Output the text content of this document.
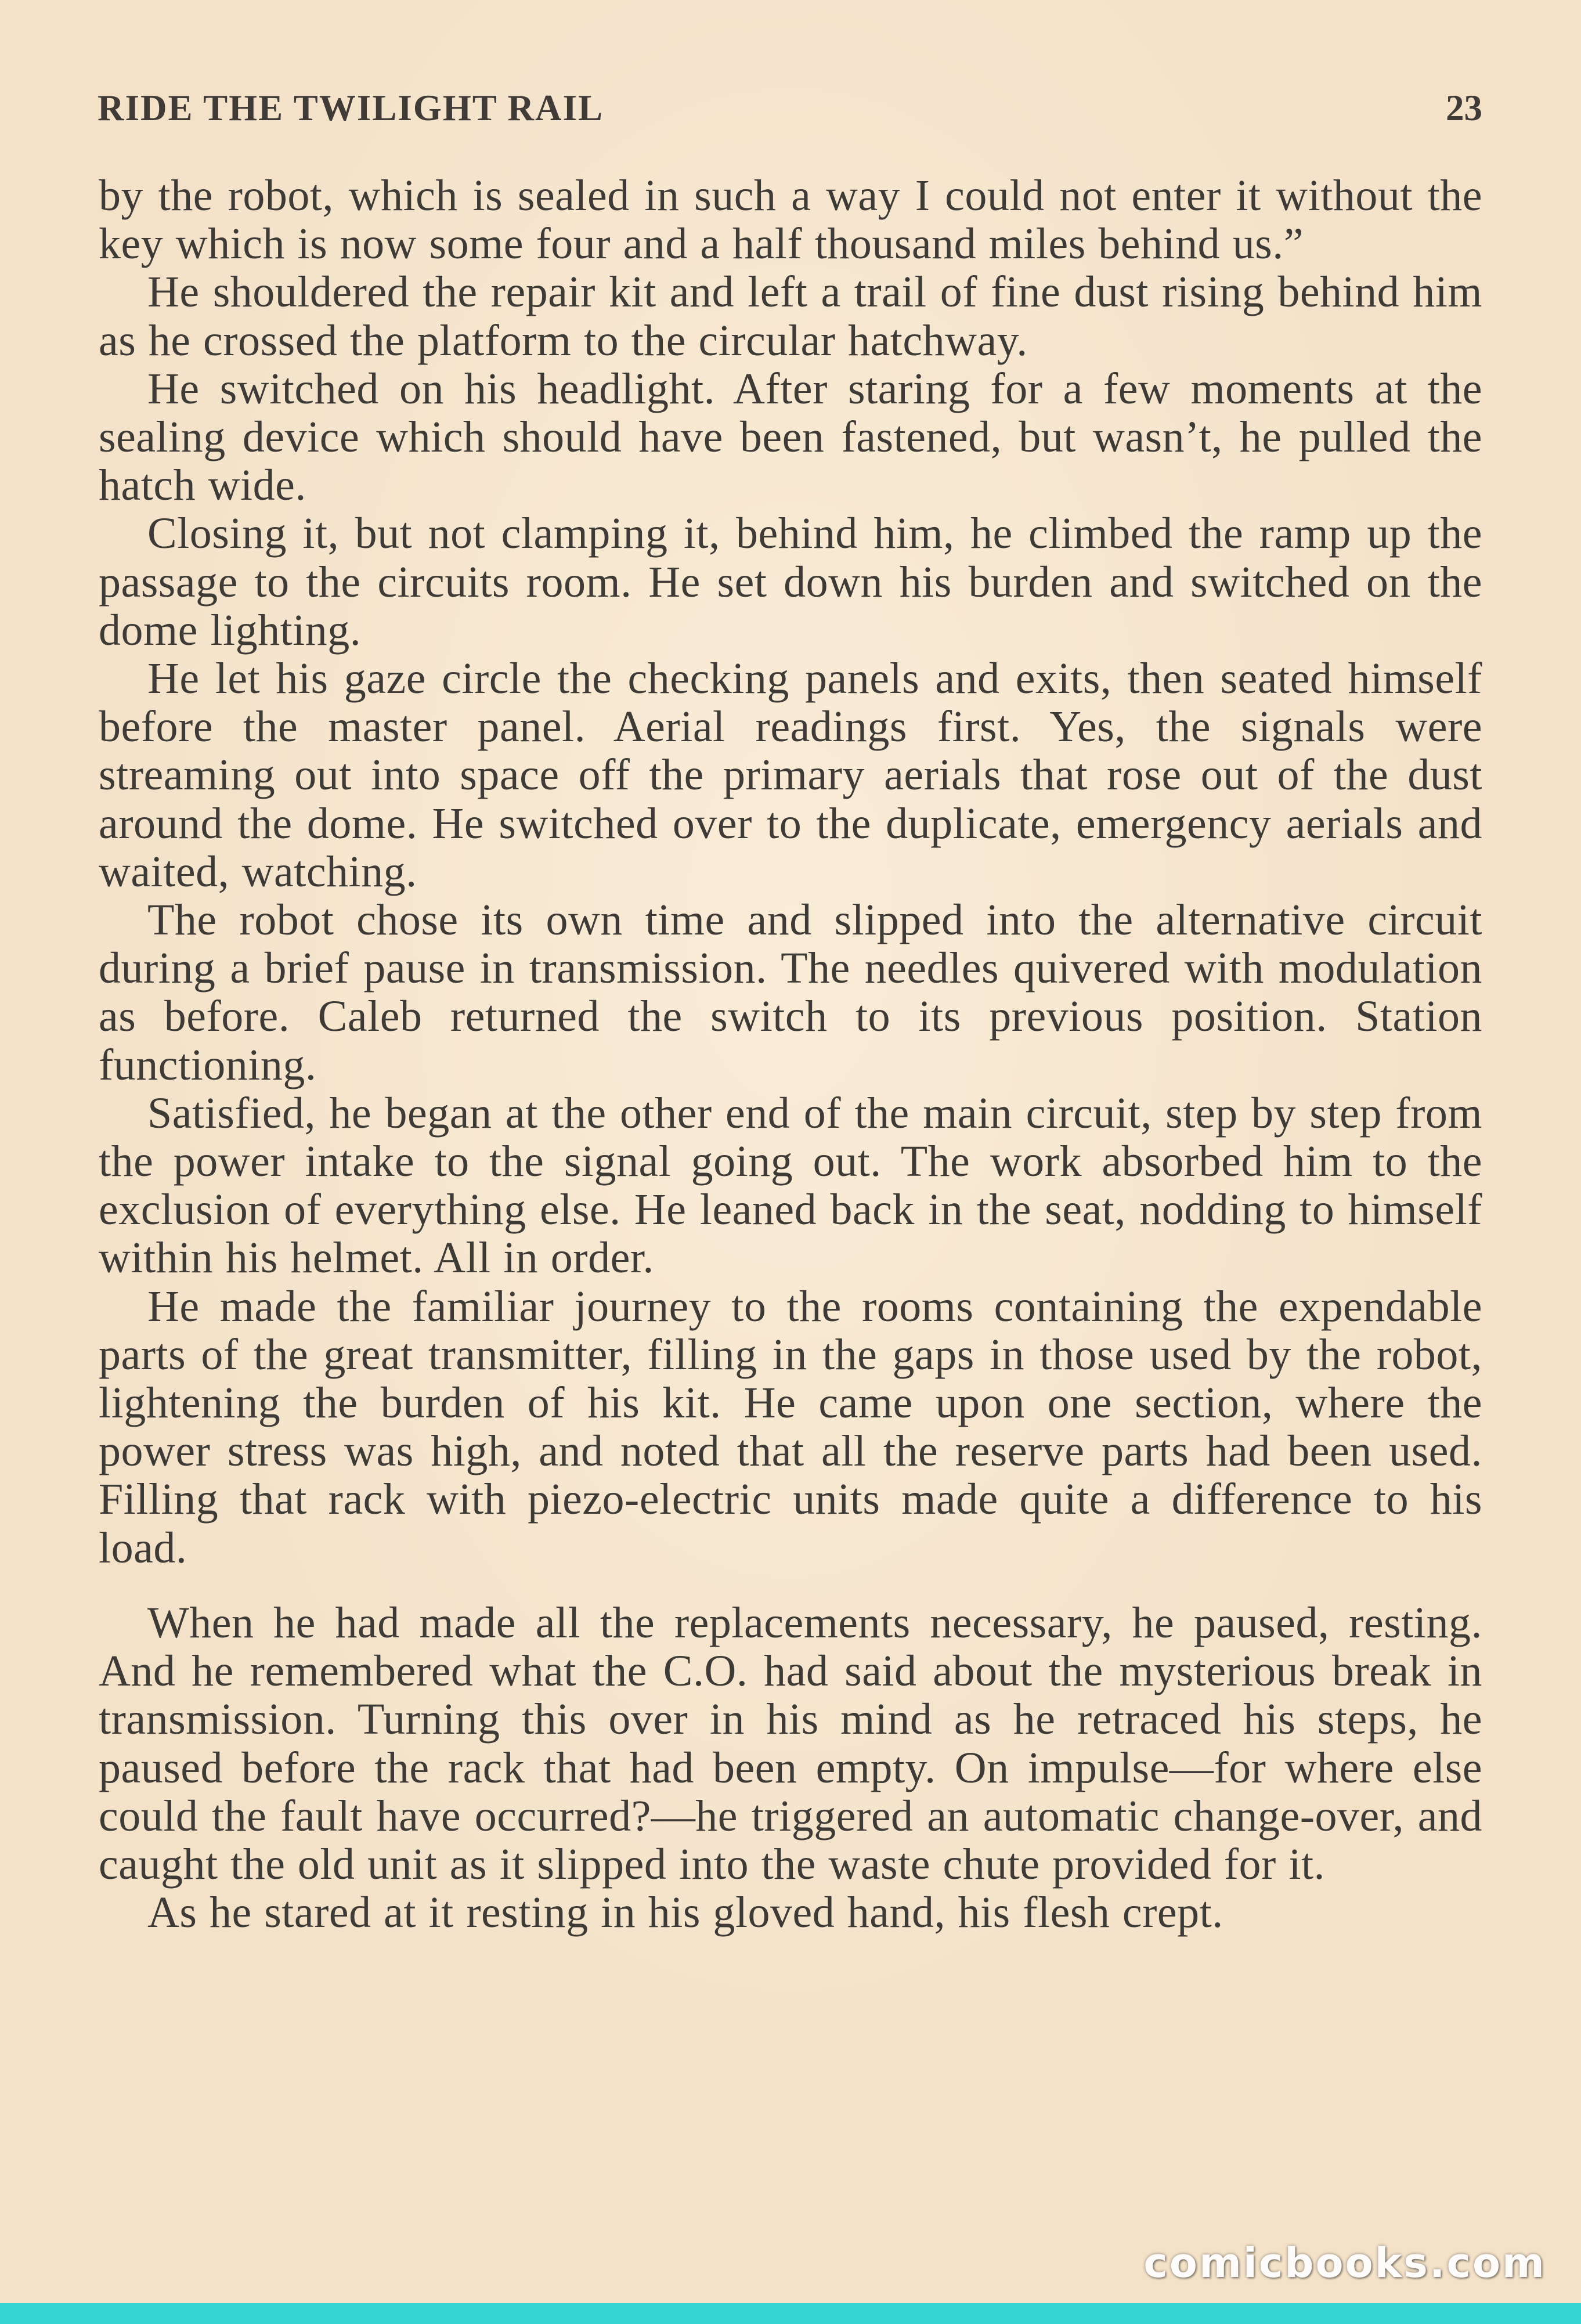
RIDE THE TWILIGHT RAIL	23

by the robot, which is sealed in such a way I could not enter it without the key which is now some four and a half thousand miles behind us.”

He shouldered the repair kit and left a trail of fine dust rising behind him as he crossed the platform to the circular hatchway.

He switched on his headlight. After staring for a few moments at the sealing device which should have been fastened, but wasn’t, he pulled the hatch wide.

Closing it, but not clamping it, behind him, he climbed the ramp up the passage to the circuits room. He set down his burden and switched on the dome lighting.

He let his gaze circle the checking panels and exits, then seated himself before the master panel. Aerial readings first. Yes, the signals were streaming out into space off the primary aerials that rose out of the dust around the dome. He switched over to the duplicate, emergency aerials and waited, watching.

The robot chose its own time and slipped into the alternative circuit during a brief pause in transmission. The needles quivered with modulation as before. Caleb returned the switch to its previous position. Station functioning.

Satisfied, he began at the other end of the main circuit, step by step from the power intake to the signal going out. The work absorbed him to the exclusion of everything else. He leaned back in the seat, nodding to himself within his helmet. All in order.

He made the familiar journey to the rooms containing the expendable parts of the great transmitter, filling in the gaps in those used by the robot, lightening the burden of his kit. He came upon one section, where the power stress was high, and noted that all the reserve parts had been used. Filling that rack with piezo-electric units made quite a difference to his load.

When he had made all the replacements necessary, he paused, resting. And he remembered what the C.O. had said about the mysterious break in transmission. Turning this over in his mind as he retraced his steps, he paused before the rack that had been empty. On impulse—for where else could the fault have occurred?—he triggered an automatic change-over, and caught the old unit as it slipped into the waste chute provided for it.

As he stared at it resting in his gloved hand, his flesh crept.

comicbooks.com
